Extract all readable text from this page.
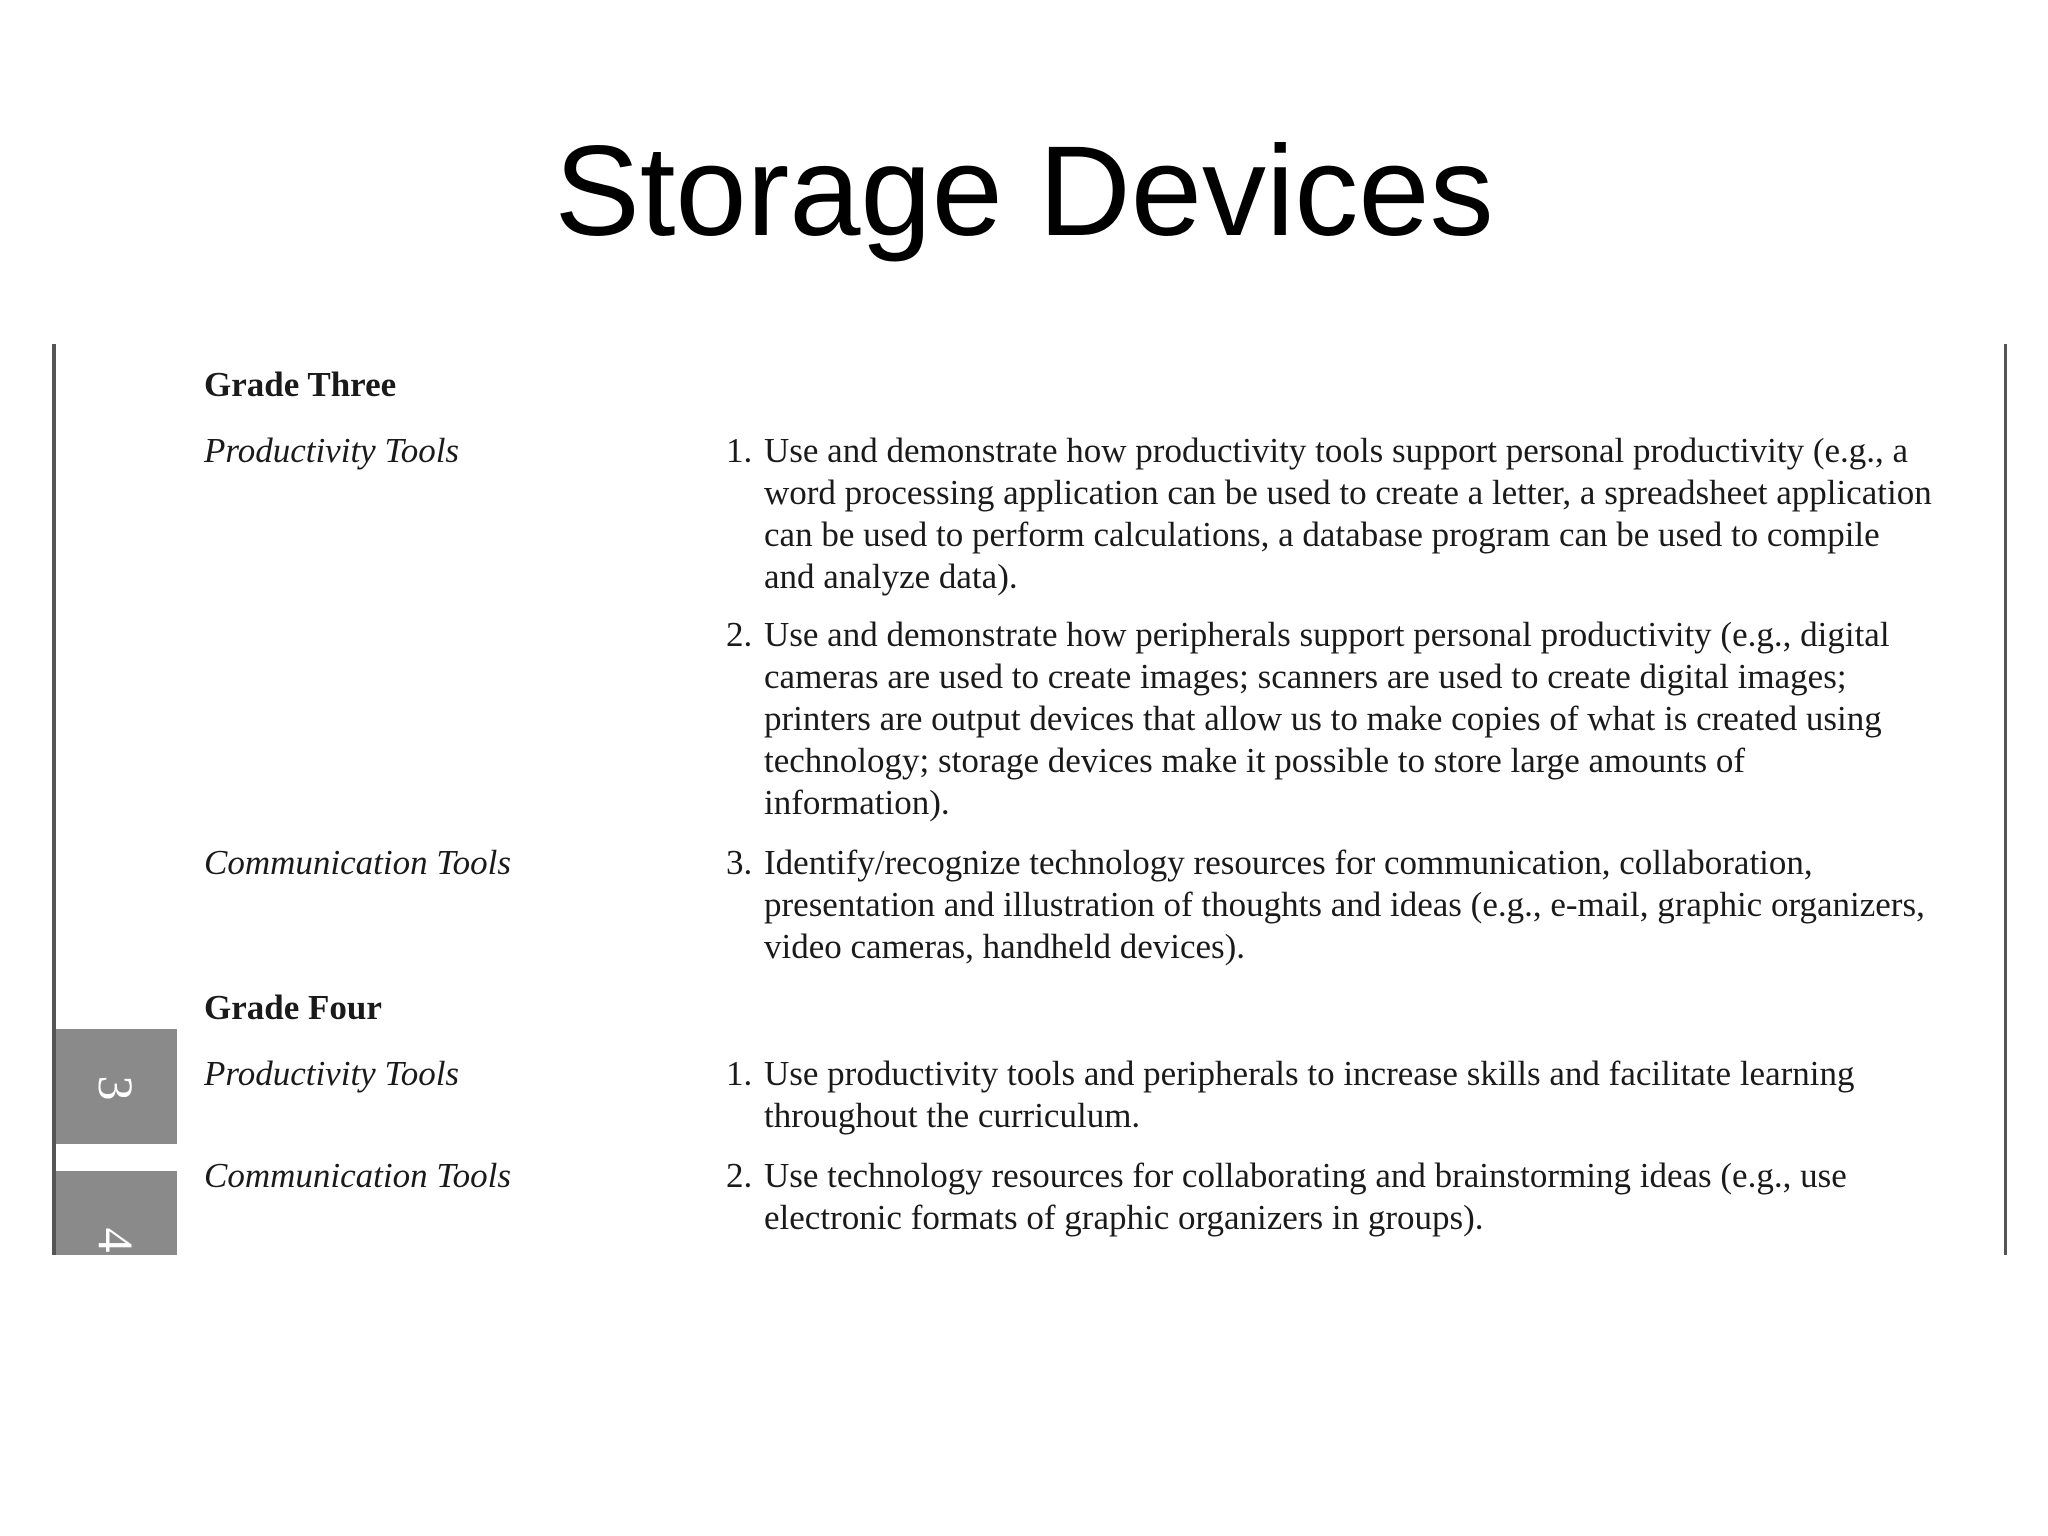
Storage Devices
Grade Three
Productivity Tools	1. Use and demonstrate how productivity tools support personal productivity (e.g., a word processing application can be used to create a letter, a spreadsheet application can be used to perform calculations, a database program can be used to compile and analyze data).
2. Use and demonstrate how peripherals support personal productivity (e.g., digital cameras are used to create images; scanners are used to create digital images; printers are output devices that allow us to make copies of what is created using technology; storage devices make it possible to store large amounts of information).
Communication Tools	3. Identify/recognize technology resources for communication, collaboration, presentation and illustration of thoughts and ideas (e.g., e-mail, graphic organizers, video cameras, handheld devices).
Grade Four
Productivity Tools	1. Use productivity tools and peripherals to increase skills and facilitate learning throughout the curriculum.
Communication Tools	2. Use technology resources for collaborating and brainstorming ideas (e.g., use electronic formats of graphic organizers in groups).
3
4
